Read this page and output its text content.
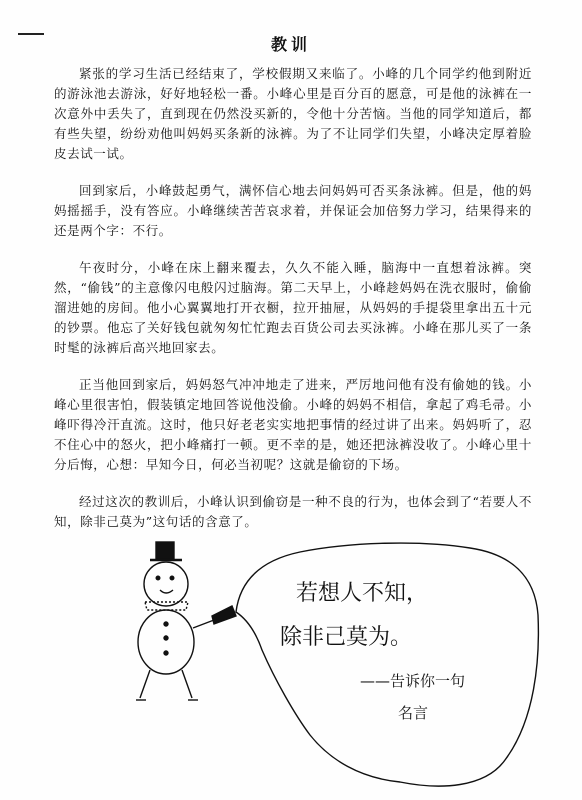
教训

紧张的学习生活已经结束了，学校假期又来临了。小峰的几个同学约他到附近的游泳池去游泳，好好地轻松一番。小峰心里是百分百的愿意，可是他的泳裤在一次意外中丢失了，直到现在仍然没买新的，令他十分苦恼。当他的同学知道后，都有些失望，纷纷劝他叫妈妈买条新的泳裤。为了不让同学们失望，小峰决定厚着脸皮去试一试。

回到家后，小峰鼓起勇气，满怀信心地去问妈妈可否买条泳裤。但是，他的妈妈摇摇手，没有答应。小峰继续苦苦哀求着，并保证会加倍努力学习，结果得来的还是两个字：不行。

午夜时分，小峰在床上翻来覆去，久久不能入睡，脑海中一直想着泳裤。突然，“偷钱”的主意像闪电般闪过脑海。第二天早上，小峰趁妈妈在洗衣服时，偷偷溜进她的房间。他小心翼翼地打开衣橱，拉开抽屉，从妈妈的手提袋里拿出五十元的钞票。他忘了关好钱包就匆匆忙忙跑去百货公司去买泳裤。小峰在那儿买了一条时髦的泳裤后高兴地回家去。

正当他回到家后，妈妈怒气冲冲地走了进来，严厉地问他有没有偷她的钱。小峰心里很害怕，假装镇定地回答说他没偷。小峰的妈妈不相信，拿起了鸡毛帚。小峰吓得冷汗直流。这时，他只好老老实实地把事情的经过讲了出来。妈妈听了，忍不住心中的怒火，把小峰痛打一顿。更不幸的是，她还把泳裤没收了。小峰心里十分后悔，心想：早知今日，何必当初呢？这就是偷窃的下场。

经过这次的教训后，小峰认识到偷窃是一种不良的行为，也体会到了“若要人不知，除非己莫为”这句话的含意了。

若想人不知，
除非己莫为。
——告诉你一句
名言
